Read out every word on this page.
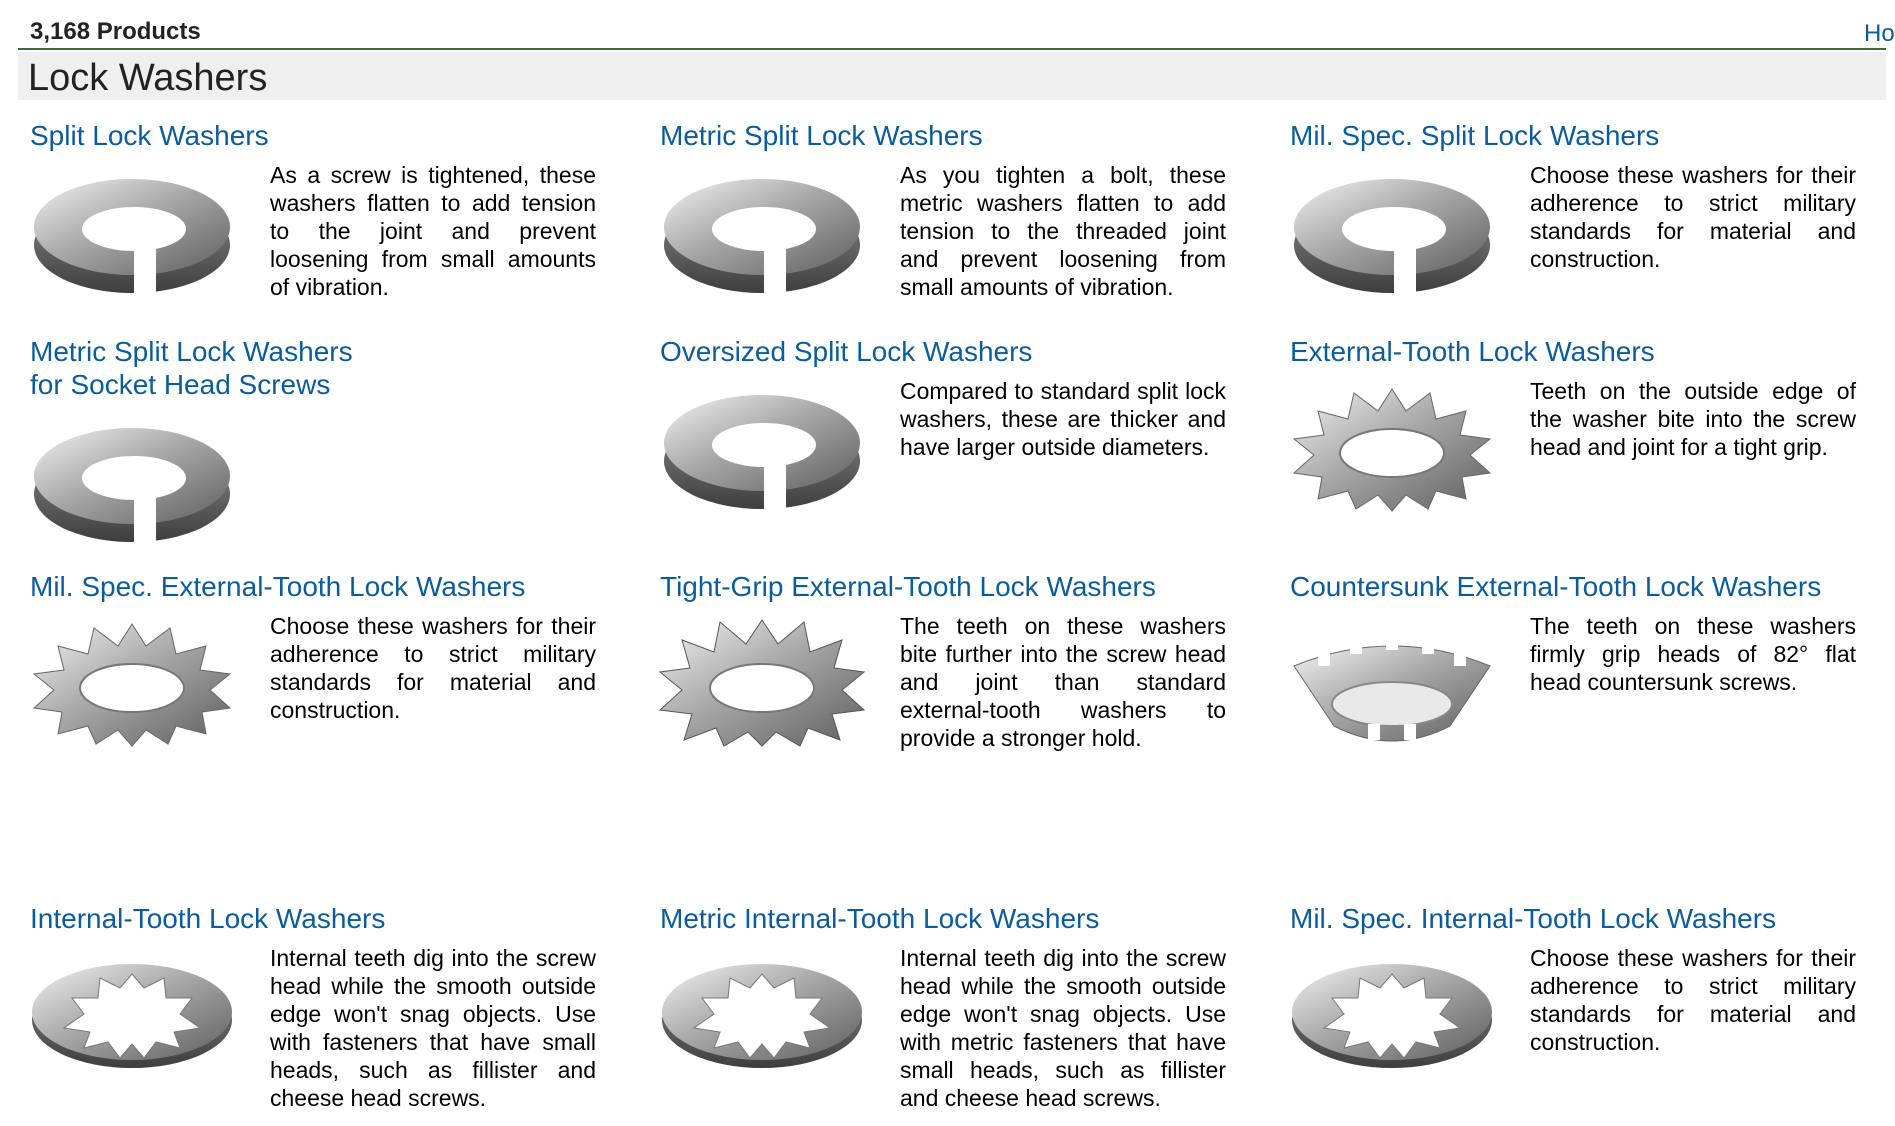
3,168 Products	Ho
Lock Washers
Split Lock Washers
As a screw is tightened, these washers flatten to add tension to the joint and prevent loosening from small amounts of vibration.
Metric Split Lock Washers
As you tighten a bolt, these metric washers flatten to add tension to the threaded joint and prevent loosening from small amounts of vibration.
Mil. Spec. Split Lock Washers
Choose these washers for their adherence to strict military standards for material and construction.
Metric Split Lock Washers for Socket Head Screws
Oversized Split Lock Washers
Compared to standard split lock washers, these are thicker and have larger outside diameters.
External-Tooth Lock Washers
Teeth on the outside edge of the washer bite into the screw head and joint for a tight grip.
Mil. Spec. External-Tooth Lock Washers
Choose these washers for their adherence to strict military standards for material and construction.
Tight-Grip External-Tooth Lock Washers
The teeth on these washers bite further into the screw head and joint than standard external-tooth washers to provide a stronger hold.
Countersunk External-Tooth Lock Washers
The teeth on these washers firmly grip heads of 82° flat head countersunk screws.
Internal-Tooth Lock Washers
Internal teeth dig into the screw head while the smooth outside edge won't snag objects. Use with fasteners that have small heads, such as fillister and cheese head screws.
Metric Internal-Tooth Lock Washers
Internal teeth dig into the screw head while the smooth outside edge won't snag objects. Use with metric fasteners that have small heads, such as fillister and cheese head screws.
Mil. Spec. Internal-Tooth Lock Washers
Choose these washers for their adherence to strict military standards for material and construction.
